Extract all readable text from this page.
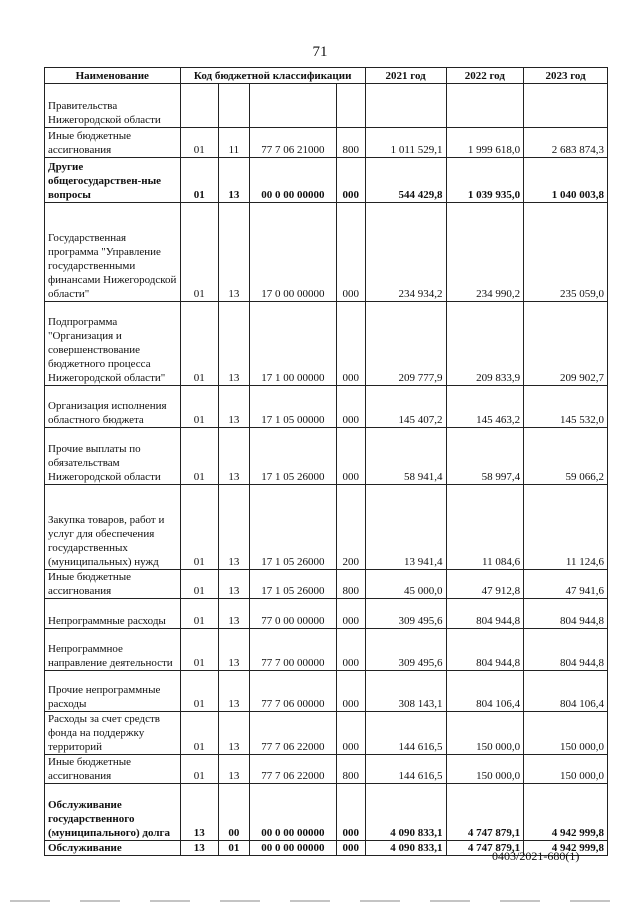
71
Наименование	Код бюджетной классификации				2021 год	2022 год	2023 год
Правительства Нижегородской области							
Иные бюджетные ассигнования	01	11	77 7 06 21000	800	1 011 529,1	1 999 618,0	2 683 874,3
Другие общегосударствен-ные вопросы	01	13	00 0 00 00000	000	544 429,8	1 039 935,0	1 040 003,8
Государственная программа "Управление государственными финансами Нижегородской области"	01	13	17 0 00 00000	000	234 934,2	234 990,2	235 059,0
Подпрограмма "Организация и совершенствование бюджетного процесса Нижегородской области"	01	13	17 1 00 00000	000	209 777,9	209 833,9	209 902,7
Организация исполнения областного бюджета	01	13	17 1 05 00000	000	145 407,2	145 463,2	145 532,0
Прочие выплаты по обязательствам Нижегородской области	01	13	17 1 05 26000	000	58 941,4	58 997,4	59 066,2
Закупка товаров, работ и услуг для обеспечения государственных (муниципальных) нужд	01	13	17 1 05 26000	200	13 941,4	11 084,6	11 124,6
Иные бюджетные ассигнования	01	13	17 1 05 26000	800	45 000,0	47 912,8	47 941,6
Непрограммные расходы	01	13	77 0 00 00000	000	309 495,6	804 944,8	804 944,8
Непрограммное направление деятельности	01	13	77 7 00 00000	000	309 495,6	804 944,8	804 944,8
Прочие непрограммные расходы	01	13	77 7 06 00000	000	308 143,1	804 106,4	804 106,4
Расходы за счет средств фонда на поддержку территорий	01	13	77 7 06 22000	000	144 616,5	150 000,0	150 000,0
Иные бюджетные ассигнования	01	13	77 7 06 22000	800	144 616,5	150 000,0	150 000,0
Обслуживание государственного (муниципального) долга	13	00	00 0 00 00000	000	4 090 833,1	4 747 879,1	4 942 999,8
Обслуживание	13	01	00 0 00 00000	000	4 090 833,1	4 747 879,1	4 942 999,8
0403/2021-680(1)
